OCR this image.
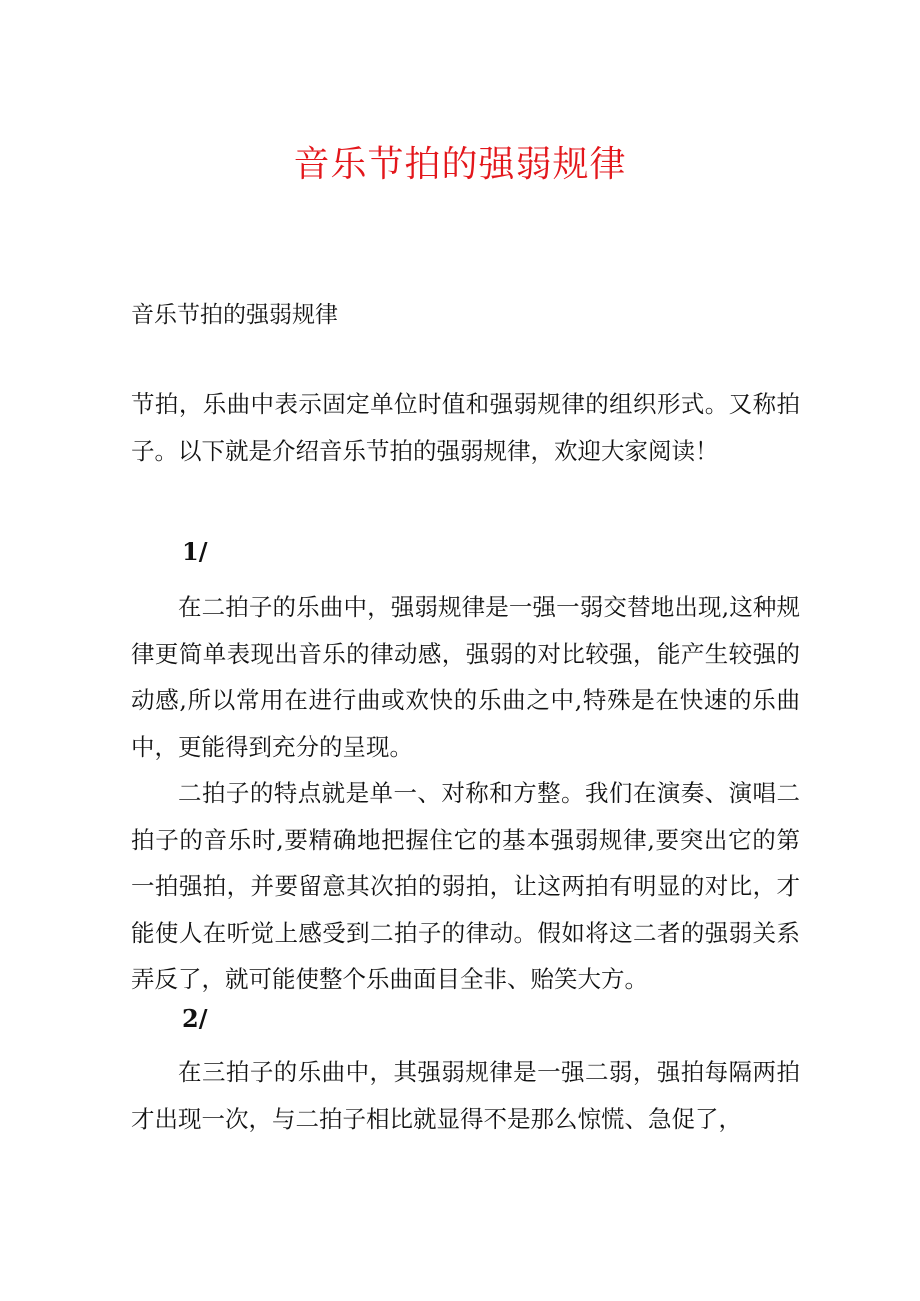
音乐节拍的强弱规律
音乐节拍的强弱规律

节拍，乐曲中表示固定单位时值和强弱规律的组织形式。又称拍子。以下就是介绍音乐节拍的强弱规律，欢迎大家阅读！

1/

在二拍子的乐曲中，强弱规律是一强一弱交替地出现,这种规律更简单表现出音乐的律动感，强弱的对比较强，能产生较强的动感,所以常用在进行曲或欢快的乐曲之中,特殊是在快速的乐曲中，更能得到充分的呈现。

二拍子的特点就是单一、对称和方整。我们在演奏、演唱二拍子的音乐时,要精确地把握住它的基本强弱规律,要突出它的第一拍强拍，并要留意其次拍的弱拍，让这两拍有明显的对比，才能使人在听觉上感受到二拍子的律动。假如将这二者的强弱关系弄反了，就可能使整个乐曲面目全非、贻笑大方。

2/

在三拍子的乐曲中，其强弱规律是一强二弱，强拍每隔两拍才出现一次，与二拍子相比就显得不是那么惊慌、急促了，
